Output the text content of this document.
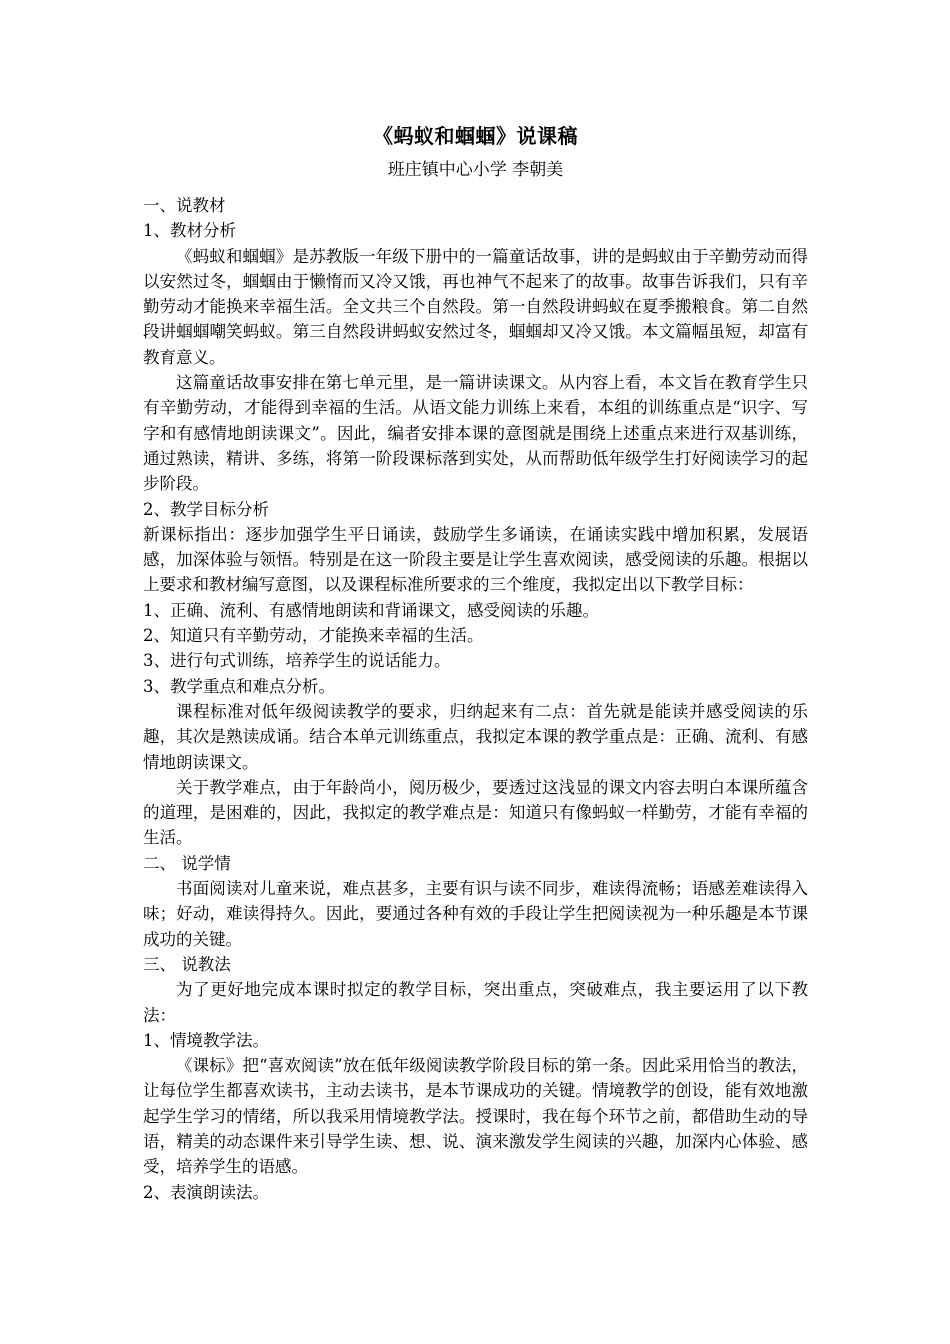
《蚂蚁和蝈蝈》说课稿
班庄镇中心小学 李朝美
一、说教材
1、教材分析

《蚂蚁和蝈蝈》是苏教版一年级下册中的一篇童话故事，讲的是蚂蚁由于辛勤劳动而得以安然过冬，蝈蝈由于懒惰而又冷又饿，再也神气不起来了的故事。故事告诉我们，只有辛勤劳动才能换来幸福生活。全文共三个自然段。第一自然段讲蚂蚁在夏季搬粮食。第二自然段讲蝈蝈嘲笑蚂蚁。第三自然段讲蚂蚁安然过冬，蝈蝈却又冷又饿。本文篇幅虽短，却富有教育意义。

这篇童话故事安排在第七单元里，是一篇讲读课文。从内容上看，本文旨在教育学生只有辛勤劳动，才能得到幸福的生活。从语文能力训练上来看，本组的训练重点是“识字、写字和有感情地朗读课文”。因此，编者安排本课的意图就是围绕上述重点来进行双基训练，通过熟读，精讲、多练，将第一阶段课标落到实处，从而帮助低年级学生打好阅读学习的起步阶段。

2、教学目标分析

新课标指出：逐步加强学生平日诵读，鼓励学生多诵读，在诵读实践中增加积累，发展语感，加深体验与领悟。特别是在这一阶段主要是让学生喜欢阅读，感受阅读的乐趣。根据以上要求和教材编写意图，以及课程标准所要求的三个维度，我拟定出以下教学目标：

1、正确、流利、有感情地朗读和背诵课文，感受阅读的乐趣。
2、知道只有辛勤劳动，才能换来幸福的生活。
3、进行句式训练，培养学生的说话能力。
3、教学重点和难点分析。

课程标准对低年级阅读教学的要求，归纳起来有二点：首先就是能读并感受阅读的乐趣，其次是熟读成诵。结合本单元训练重点，我拟定本课的教学重点是：正确、流利、有感情地朗读课文。

关于教学难点，由于年龄尚小，阅历极少，要透过这浅显的课文内容去明白本课所蕴含的道理，是困难的，因此，我拟定的教学难点是：知道只有像蚂蚁一样勤劳，才能有幸福的生活。

二、 说学情

书面阅读对儿童来说，难点甚多，主要有识与读不同步，难读得流畅；语感差难读得入味；好动，难读得持久。因此，要通过各种有效的手段让学生把阅读视为一种乐趣是本节课成功的关键。

三、 说教法

为了更好地完成本课时拟定的教学目标，突出重点，突破难点，我主要运用了以下教法：

1、情境教学法。

《课标》把“喜欢阅读”放在低年级阅读教学阶段目标的第一条。因此采用恰当的教法，让每位学生都喜欢读书，主动去读书，是本节课成功的关键。情境教学的创设，能有效地激起学生学习的情绪，所以我采用情境教学法。授课时，我在每个环节之前，都借助生动的导语，精美的动态课件来引导学生读、想、说、演来激发学生阅读的兴趣，加深内心体验、感受，培养学生的语感。

2、表演朗读法。
